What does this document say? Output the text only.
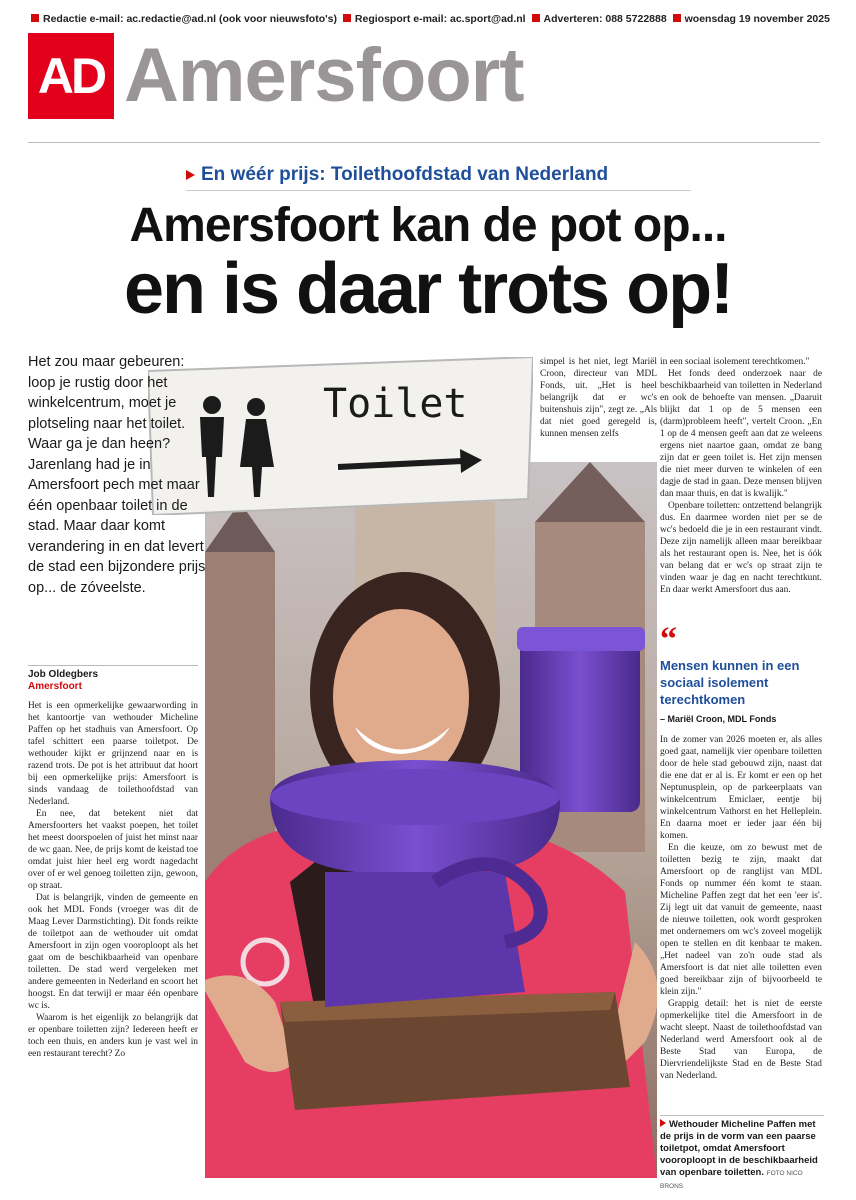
Redactie e-mail: ac.redactie@ad.nl (ook voor nieuwsfoto's) Regiosport e-mail: ac.sport@ad.nl Adverteren: 088 5722888 woensdag 19 november 2025
AD Amersfoort
En wéér prijs: Toilethoofdstad van Nederland
Amersfoort kan de pot op...
en is daar trots op!
Toilet
Het zou maar gebeuren: loop je rustig door het winkelcentrum, moet je plotseling naar het toilet. Waar ga je dan heen? Jarenlang had je in Amersfoort pech met maar één openbaar toilet in de stad. Maar daar komt verandering in en dat levert de stad een bijzondere prijs op... de zóveelste.
Job Oldegbers
Amersfoort

Het is een opmerkelijke gewaarwording in het kantoortje van wethouder Micheline Paffen op het stadhuis van Amersfoort. Op tafel schittert een paarse toiletpot. De wethouder kijkt er grijnzend naar en is razend trots. De pot is het attribuut dat hoort bij een opmerkelijke prijs: Amersfoort is sinds vandaag de toilethoofdstad van Nederland.

En nee, dat betekent niet dat Amersfoorters het vaakst poepen, het toilet het meest doorspoelen of juist het minst naar de wc gaan. Nee, de prijs komt de keistad toe omdat juist hier heel erg wordt nagedacht over of er wel genoeg toiletten zijn, gewoon, op straat.

Dat is belangrijk, vinden de gemeente en ook het MDL Fonds (vroeger was dit de Maag Lever Darmstichting). Dit fonds reikte de toiletpot aan de wethouder uit omdat Amersfoort in zijn ogen vooroploopt als het gaat om de beschikbaarheid van openbare toiletten. De stad werd vergeleken met andere gemeenten in Nederland en scoort het hoogst. En dat terwijl er maar één openbare wc is.

Waarom is het eigenlijk zo belangrijk dat er openbare toiletten zijn? Iedereen heeft er toch een thuis, en anders kun je vast wel in een restaurant terecht? Zo

simpel is het niet, legt Mariël Croon, directeur van MDL Fonds, uit. „Het is heel belangrijk dat er wc's buitenshuis zijn", zegt ze. „Als dat niet goed geregeld is, kunnen mensen zelfs

in een sociaal isolement terechtkomen."

Het fonds deed onderzoek naar de beschikbaarheid van toiletten in Nederland en ook de behoefte van mensen. „Daaruit blijkt dat 1 op de 5 mensen een (darm)probleem heeft", vertelt Croon. „En 1 op de 4 mensen geeft aan dat ze weleens ergens niet naartoe gaan, omdat ze bang zijn dat er geen toilet is. Het zijn mensen die niet meer durven te winkelen of een dagje de stad in gaan. Deze mensen blijven dan maar thuis, en dat is kwalijk."

Openbare toiletten: ontzettend belangrijk dus. En daarmee worden niet per se de wc's bedoeld die je in een restaurant vindt. Deze zijn namelijk alleen maar bereikbaar als het restaurant open is. Nee, het is óók van belang dat er wc's op straat zijn te vinden waar je dag en nacht terechtkunt. En daar werkt Amersfoort dus aan.

“
Mensen kunnen in een sociaal isolement terechtkomen
– Mariël Croon, MDL Fonds

In de zomer van 2026 moeten er, als alles goed gaat, namelijk vier openbare toiletten door de hele stad gebouwd zijn, naast dat die ene dat er al is. Er komt er een op het Neptunusplein, op de parkeerplaats van winkelcentrum Emiclaer, eentje bij winkelcentrum Vathorst en het Helleplein. En daarna moet er ieder jaar één bij komen.

En die keuze, om zo bewust met de toiletten bezig te zijn, maakt dat Amersfoort op de ranglijst van MDL Fonds op nummer één komt te staan. Micheline Paffen zegt dat het een 'eer is'. Zij legt uit dat vanuit de gemeente, naast de nieuwe toiletten, ook wordt gesproken met ondernemers om wc's zoveel mogelijk open te stellen en dit kenbaar te maken. „Het nadeel van zo'n oude stad als Amersfoort is dat niet alle toiletten even goed bereikbaar zijn of bijvoorbeeld te klein zijn."

Grappig detail: het is niet de eerste opmerkelijke titel die Amersfoort in de wacht sleept. Naast de toilethoofdstad van Nederland werd Amersfoort ook al de Beste Stad van Europa, de Diervriendelijkste Stad en de Beste Stad van Nederland.

Wethouder Micheline Paffen met de prijs in de vorm van een paarse toiletpot, omdat Amersfoort vooroploopt in de beschikbaarheid van openbare toiletten. FOTO NICO BRONS
